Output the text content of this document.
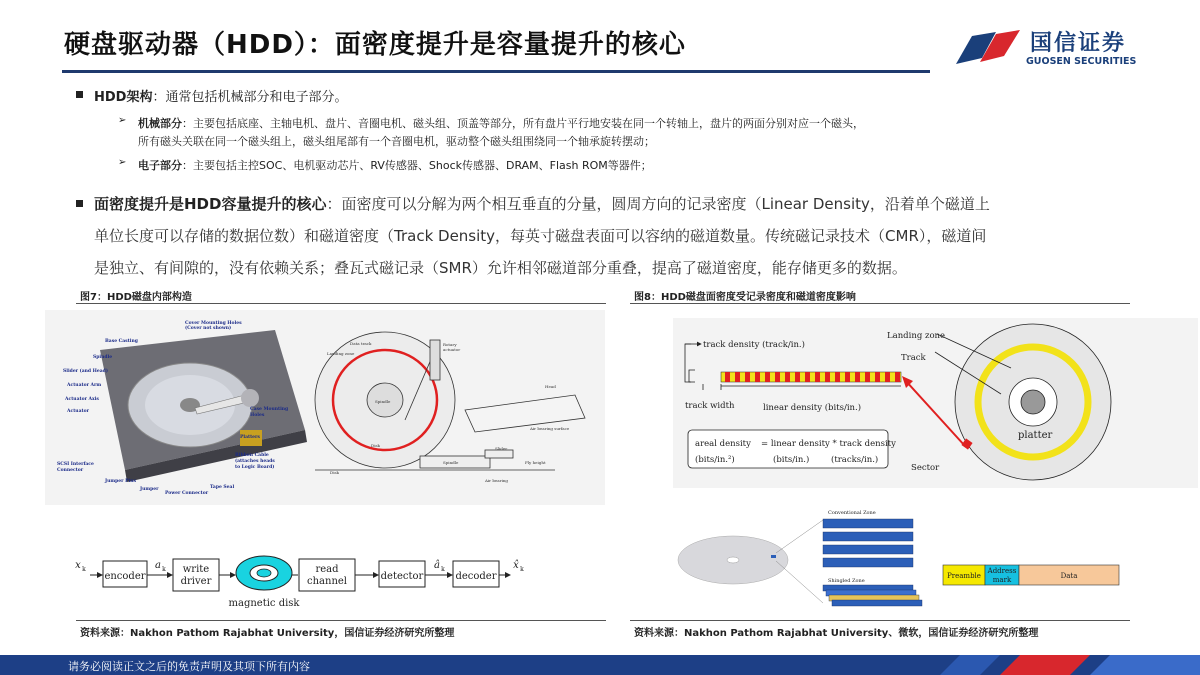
硬盘驱动器（HDD）：面密度提升是容量提升的核心	国信证券
GUOSEN SECURITIES
HDD架构：通常包括机械部分和电子部分。
➢ 机械部分：主要包括底座、主轴电机、盘片、音圈电机、磁头组、顶盖等部分，所有盘片平行地安装在同一个转轴上，盘片的两面分别对应一个磁头，
所有磁头关联在同一个磁头组上，磁头组尾部有一个音圈电机，驱动整个磁头组围绕同一个轴承旋转摆动；
➢ 电子部分：主要包括主控SOC、电机驱动芯片、RV传感器、Shock传感器、DRAM、Flash ROM等器件；
面密度提升是HDD容量提升的核心：面密度可以分解为两个相互垂直的分量，圆周方向的记录密度（Linear Density，沿着单个磁道上
单位长度可以存储的数据位数）和磁道密度（Track Density，每英寸磁盘表面可以容纳的磁道数量。传统磁记录技术（CMR），磁道间
是独立、有间隙的，没有依赖关系；叠瓦式磁记录（SMR）允许相邻磁道部分重叠，提高了磁道密度，能存储更多的数据。
图7：HDD磁盘内部构造
Cover Mounting Holes
(Cover not shown)
Base Casting
Spindle
Slider (and Head)
Actuator Arm
Actuator Axis
Actuator
SCSI Interface
Connector
Jumper Pins
Jumper
Power Connector
Tape Seal
Ribbon Cable
(attaches heads
to Logic Board)
Platters
Case Mounting
Holes
Data track
Landing zone
Rotary
actuator
Spindle
Disk
Head
Air bearing surface
Slider
Fly height
Air bearing
Disk
Spindle
x k
encoder
a k write
driver
magnetic disk
read
channel	detector
â k
decoder
x̂ k
资料来源：Nakhon Pathom Rajabhat University，国信证券经济研究所整理
图8：HDD磁盘面密度受记录密度和磁道密度影响
track density (track/in.)
track width	linear density (bits/in.)
areal density = linear density * track density
(bits/in.²)	(bits/in.)	(tracks/in.)
Landing zone
Track
platter
Sector
Conventional Zone
Shingled Zone
Preamble
Address
mark	Data
资料来源：Nakhon Pathom Rajabhat University、微软，国信证券经济研究所整理
请务必阅读正文之后的免责声明及其项下所有内容
